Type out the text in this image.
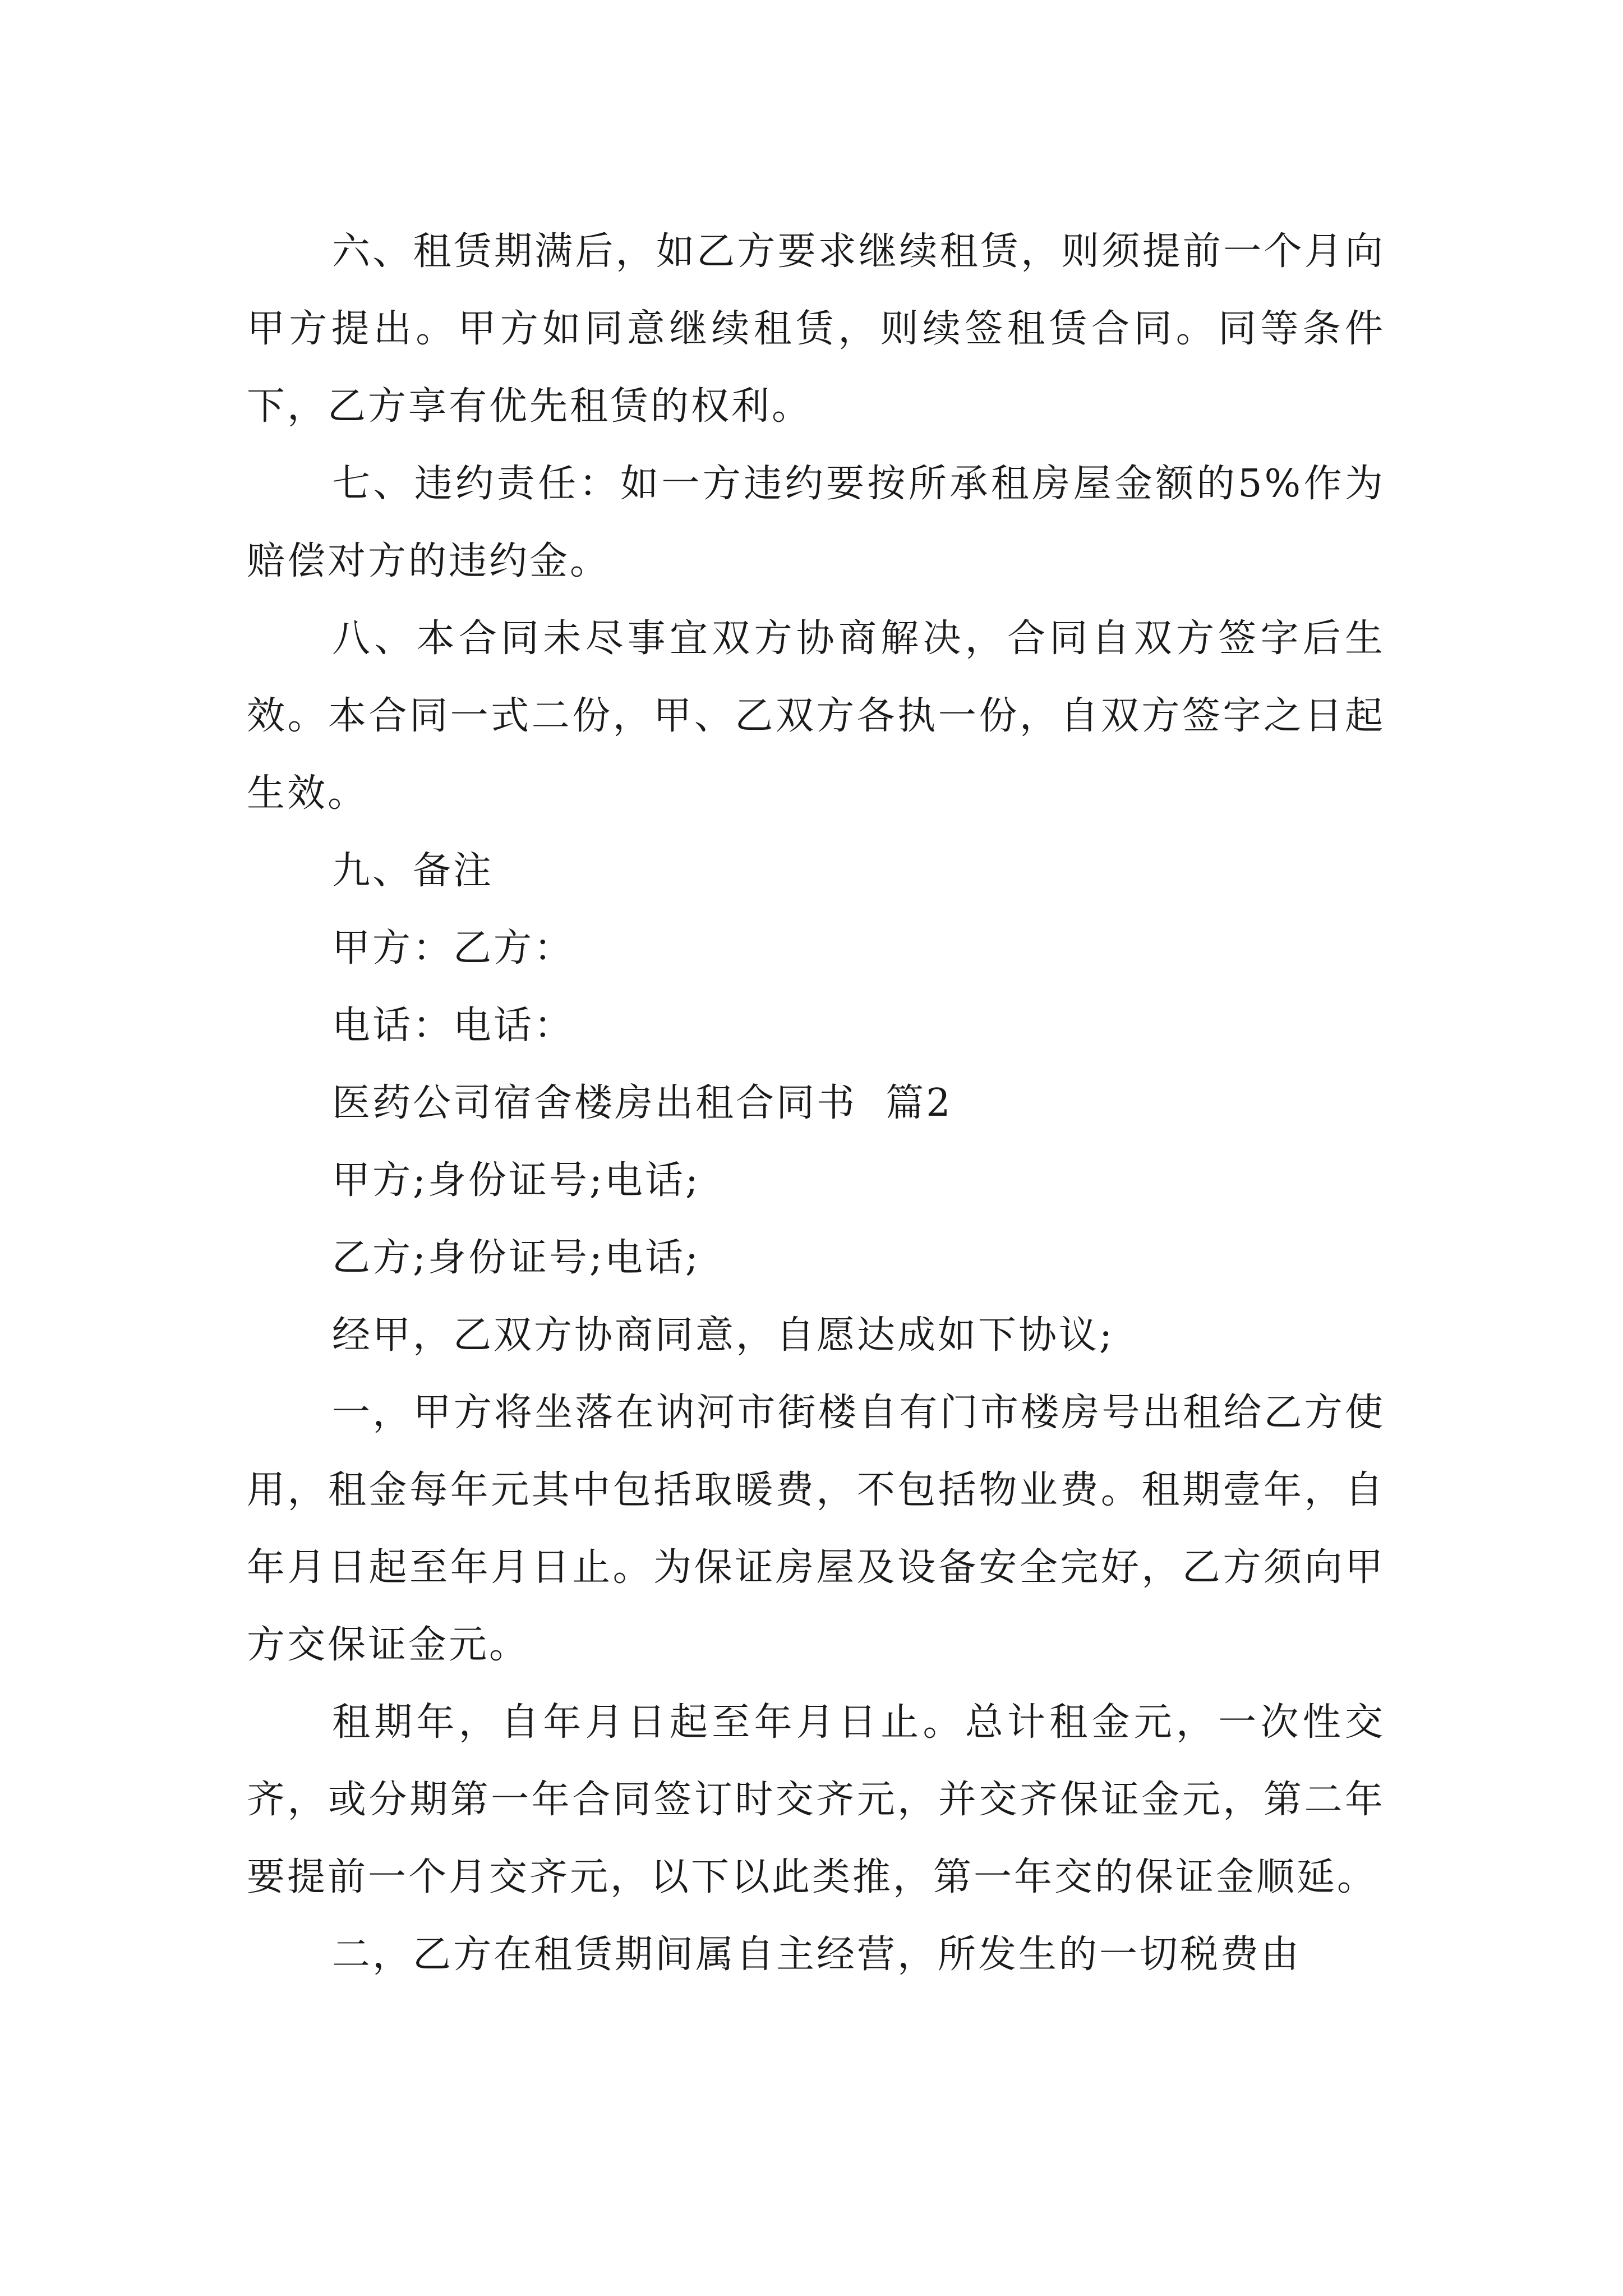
六、租赁期满后，如乙方要求继续租赁，则须提前一个月向甲方提出。甲方如同意继续租赁，则续签租赁合同。同等条件下，乙方享有优先租赁的权利。

七、违约责任：如一方违约要按所承租房屋金额的5%作为赔偿对方的违约金。

八、本合同未尽事宜双方协商解决，合同自双方签字后生效。本合同一式二份，甲、乙双方各执一份，自双方签字之日起生效。

九、备注

甲方：乙方：

电话：电话：

医药公司宿舍楼房出租合同书  篇2

甲方;身份证号;电话;

乙方;身份证号;电话;

经甲，乙双方协商同意，自愿达成如下协议;

一，甲方将坐落在讷河市街楼自有门市楼房号出租给乙方使用，租金每年元其中包括取暖费，不包括物业费。租期壹年，自年月日起至年月日止。为保证房屋及设备安全完好，乙方须向甲方交保证金元。

租期年，自年月日起至年月日止。总计租金元，一次性交齐，或分期第一年合同签订时交齐元，并交齐保证金元，第二年要提前一个月交齐元，以下以此类推，第一年交的保证金顺延。

二，乙方在租赁期间属自主经营，所发生的一切税费由
